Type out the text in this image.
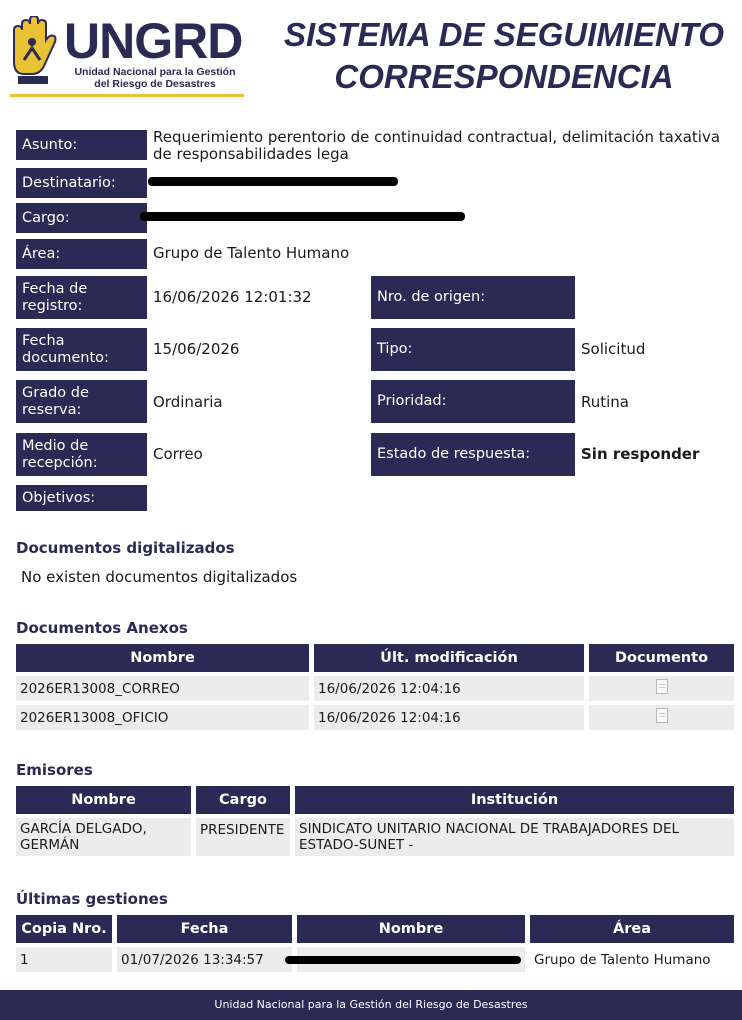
UNGRD
Unidad Nacional para la Gestión
del Riesgo de Desastres
SISTEMA DE SEGUIMIENTO
CORRESPONDENCIA
Asunto:	Requerimiento perentorio de continuidad contractual, delimitación taxativa de responsabilidades lega
Destinatario:
Cargo:
Área:	Grupo de Talento Humano
Fecha de registro:	16/06/2026 12:01:32	Nro. de origen:
Fecha documento:	15/06/2026	Tipo:	Solicitud
Grado de reserva:	Ordinaria	Prioridad:	Rutina
Medio de recepción:	Correo	Estado de respuesta:	Sin responder
Objetivos:
Documentos digitalizados
No existen documentos digitalizados
Documentos Anexos
Nombre	Últ. modificación	Documento
2026ER13008_CORREO	16/06/2026 12:04:16	
2026ER13008_OFICIO	16/06/2026 12:04:16	
Emisores
Nombre	Cargo	Institución
GARCÍA DELGADO, GERMÁN	PRESIDENTE	SINDICATO UNITARIO NACIONAL DE TRABAJADORES DEL ESTADO-SUNET -
Últimas gestiones
Copia Nro.	Fecha	Nombre	Área
1	01/07/2026 13:34:57		Grupo de Talento Humano
Unidad Nacional para la Gestión del Riesgo de Desastres
